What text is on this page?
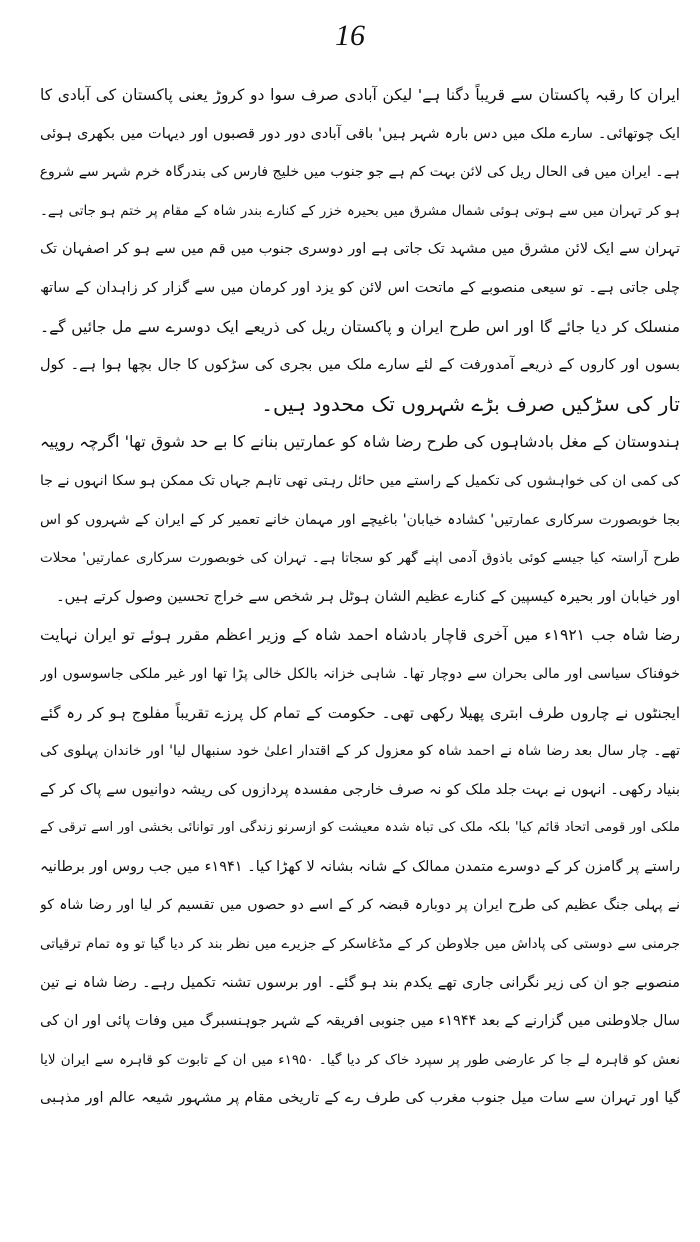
16
ایران کا رقبہ پاکستان سے قریباً دگنا ہے' لیکن آبادی صرف سوا دو کروڑ یعنی پاکستان کی آبادی کا
ایک چوتھائی۔ سارے ملک میں دس بارہ شہر ہیں' باقی آبادی دور دور قصبوں اور دیہات میں بکھری ہوئی
ہے۔ ایران میں فی الحال ریل کی لائن بہت کم ہے جو جنوب میں خلیج فارس کی بندرگاہ خرم شہر سے شروع
ہو کر تہران میں سے ہوتی ہوئی شمال مشرق میں بحیرہ خزر کے کنارے بندر شاہ کے مقام پر ختم ہو جاتی ہے۔
تہران سے ایک لائن مشرق میں مشہد تک جاتی ہے اور دوسری جنوب میں قم میں سے ہو کر اصفہان تک
چلی جاتی ہے۔ تو سیعی منصوبے کے ماتحت اس لائن کو یزد اور کرمان میں سے گزار کر زاہدان کے ساتھ
منسلک کر دیا جائے گا اور اس طرح ایران و پاکستان ریل کی ذریعے ایک دوسرے سے مل جائیں گے۔
بسوں اور کاروں کے ذریعے آمدورفت کے لئے سارے ملک میں بجری کی سڑکوں کا جال بچھا ہوا ہے۔ کول
تار کی سڑکیں صرف بڑے شہروں تک محدود ہیں۔
ہندوستان کے مغل بادشاہوں کی طرح رضا شاہ کو عمارتیں بنانے کا بے حد شوق تھا' اگرچہ روپیہ
کی کمی ان کی خواہشوں کی تکمیل کے راستے میں حائل رہتی تھی تاہم جہاں تک ممکن ہو سکا انہوں نے جا
بجا خوبصورت سرکاری عمارتیں' کشادہ خیابان' باغیچے اور مہمان خانے تعمیر کر کے ایران کے شہروں کو اس
طرح آراستہ کیا جیسے کوئی باذوق آدمی اپنے گھر کو سجاتا ہے۔ تہران کی خوبصورت سرکاری عمارتیں' محلات
اور خیابان اور بحیرہ کیسپین کے کنارے عظیم الشان ہوٹل ہر شخص سے خراج تحسین وصول کرتے ہیں۔
رضا شاہ جب ۱۹۲۱ء میں آخری قاچار بادشاہ احمد شاہ کے وزیر اعظم مقرر ہوئے تو ایران نہایت
خوفناک سیاسی اور مالی بحران سے دوچار تھا۔ شاہی خزانہ بالکل خالی پڑا تھا اور غیر ملکی جاسوسوں اور
ایجنٹوں نے چاروں طرف ابتری پھیلا رکھی تھی۔ حکومت کے تمام کل پرزے تقریباً مفلوج ہو کر رہ گئے
تھے۔ چار سال بعد رضا شاہ نے احمد شاہ کو معزول کر کے اقتدار اعلیٰ خود سنبھال لیا' اور خاندان پہلوی کی
بنیاد رکھی۔ انہوں نے بہت جلد ملک کو نہ صرف خارجی مفسدہ پردازوں کی ریشہ دوانیوں سے پاک کر کے
ملکی اور قومی اتحاد قائم کیا' بلکہ ملک کی تباہ شدہ معیشت کو ازسرنو زندگی اور توانائی بخشی اور اسے ترقی کے
راستے پر گامزن کر کے دوسرے متمدن ممالک کے شانہ بشانہ لا کھڑا کیا۔ ۱۹۴۱ء میں جب روس اور برطانیہ
نے پہلی جنگ عظیم کی طرح ایران پر دوبارہ قبضہ کر کے اسے دو حصوں میں تقسیم کر لیا اور رضا شاہ کو
جرمنی سے دوستی کی پاداش میں جلاوطن کر کے مڈغاسکر کے جزیرے میں نظر بند کر دیا گیا تو وہ تمام ترقیاتی
منصوبے جو ان کی زیر نگرانی جاری تھے یکدم بند ہو گئے۔ اور برسوں تشنہ تکمیل رہے۔ رضا شاہ نے تین
سال جلاوطنی میں گزارنے کے بعد ۱۹۴۴ء میں جنوبی افریقہ کے شہر جوہنسبرگ میں وفات پائی اور ان کی
نعش کو قاہرہ لے جا کر عارضی طور پر سپرد خاک کر دیا گیا۔ ۱۹۵۰ء میں ان کے تابوت کو قاہرہ سے ایران لایا
گیا اور تہران سے سات میل جنوب مغرب کی طرف رے کے تاریخی مقام پر مشہور شیعہ عالم اور مذہبی
